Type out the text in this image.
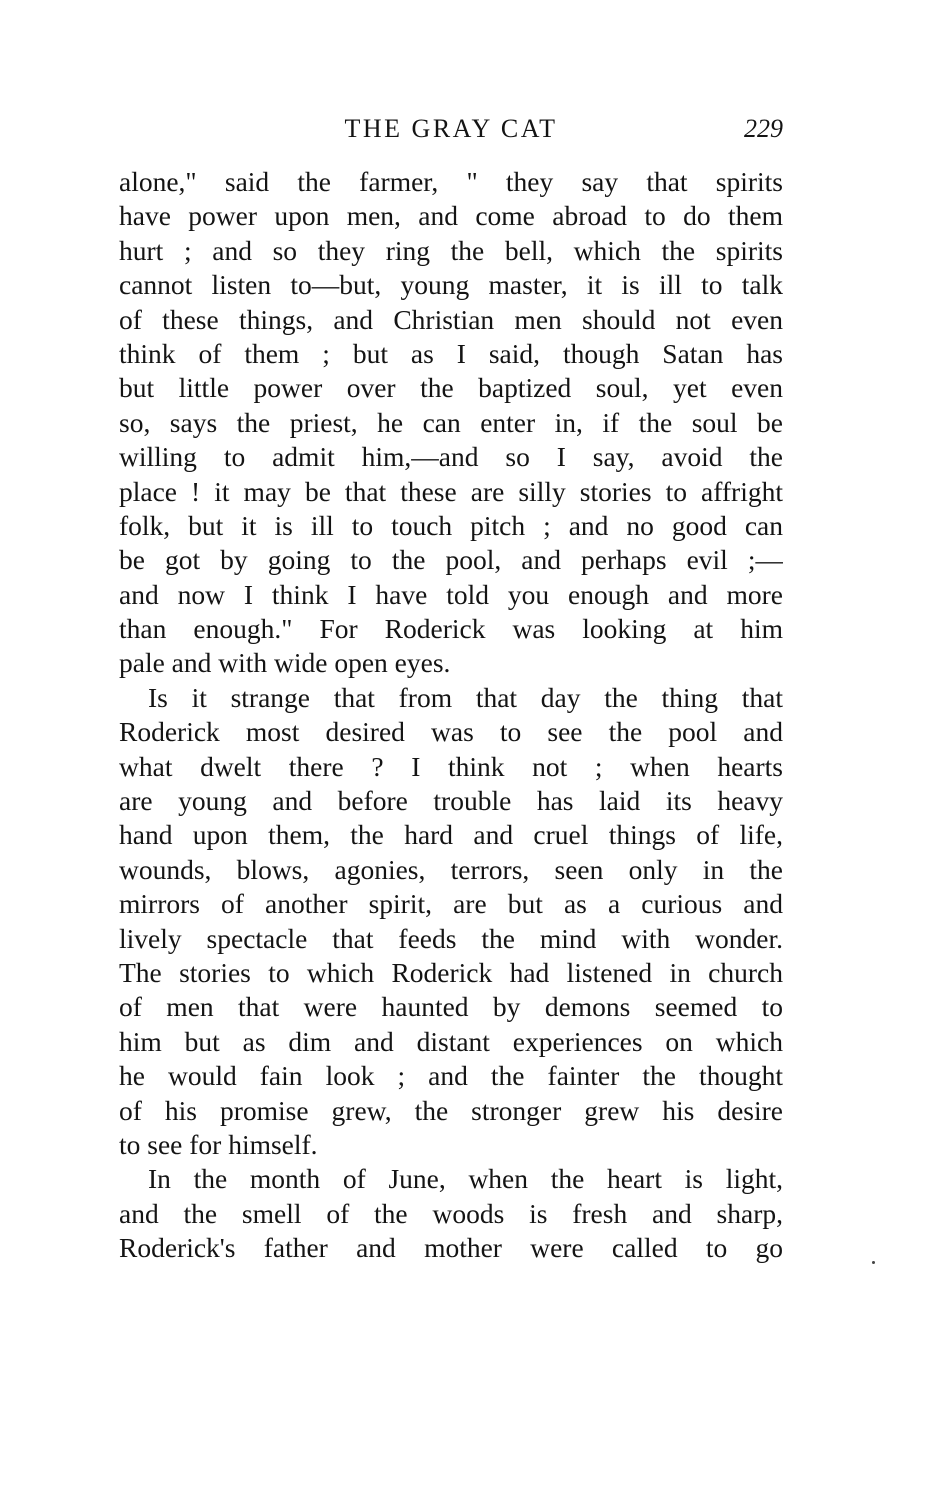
THE GRAY CAT	229
alone," said the farmer, " they say that spirits
have power upon men, and come abroad to do them
hurt ; and so they ring the bell, which the spirits
cannot listen to—but, young master, it is ill to talk
of these things, and Christian men should not even
think of them ; but as I said, though Satan has
but little power over the baptized soul, yet even
so, says the priest, he can enter in, if the soul be
willing to admit him,—and so I say, avoid the
place ! it may be that these are silly stories to affright
folk, but it is ill to touch pitch ; and no good can
be got by going to the pool, and perhaps evil ;—
and now I think I have told you enough and more
than enough." For Roderick was looking at him
pale and with wide open eyes.
Is it strange that from that day the thing that
Roderick most desired was to see the pool and
what dwelt there ? I think not ; when hearts
are young and before trouble has laid its heavy
hand upon them, the hard and cruel things of life,
wounds, blows, agonies, terrors, seen only in the
mirrors of another spirit, are but as a curious and
lively spectacle that feeds the mind with wonder.
The stories to which Roderick had listened in church
of men that were haunted by demons seemed to
him but as dim and distant experiences on which
he would fain look ; and the fainter the thought
of his promise grew, the stronger grew his desire
to see for himself.
In the month of June, when the heart is light,
and the smell of the woods is fresh and sharp,
Roderick's father and mother were called to go
